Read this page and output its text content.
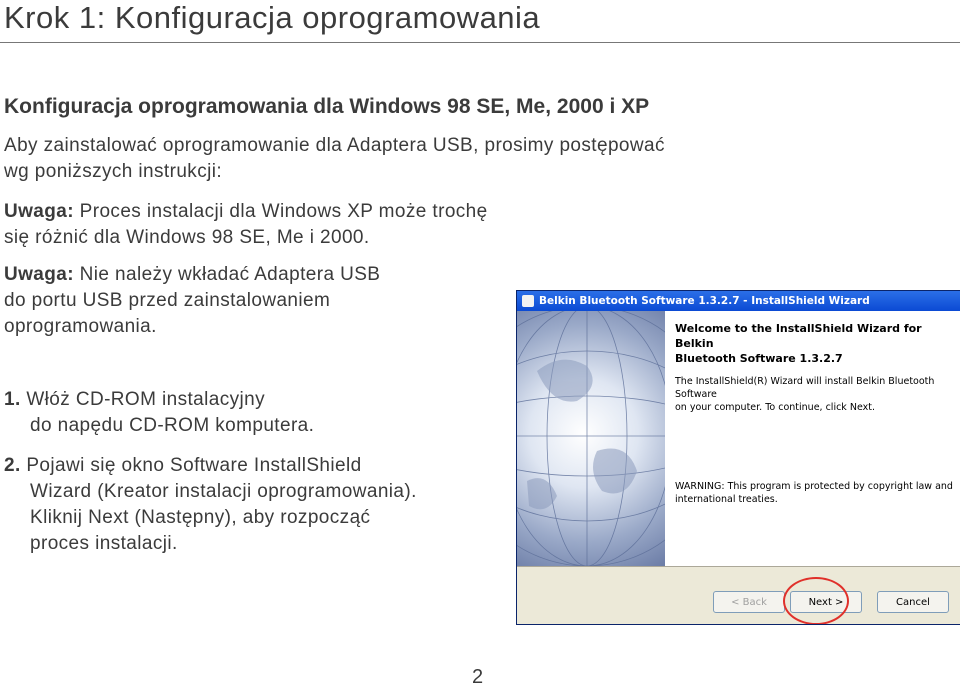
Krok 1: Konfiguracja oprogramowania
Konfiguracja oprogramowania dla Windows 98 SE, Me, 2000 i XP
Aby zainstalować oprogramowanie dla Adaptera USB, prosimy postępować
wg poniższych instrukcji:
Uwaga: Proces instalacji dla Windows XP może trochę
się różnić dla Windows 98 SE, Me i 2000.
Uwaga: Nie należy wkładać Adaptera USB
do portu USB przed zainstalowaniem
oprogramowania.
1. Włóż CD-ROM instalacyjny
do napędu CD-ROM komputera.
2. Pojawi się okno Software InstallShield
Wizard (Kreator instalacji oprogramowania).
Kliknij Next (Następny), aby rozpocząć
proces instalacji.
Belkin Bluetooth Software 1.3.2.7 - InstallShield Wizard
Welcome to the InstallShield Wizard for Belkin
Bluetooth Software 1.3.2.7
The InstallShield(R) Wizard will install Belkin Bluetooth Software
on your computer. To continue, click Next.
WARNING: This program is protected by copyright law and
international treaties.
< Back	Next >	Cancel
2
